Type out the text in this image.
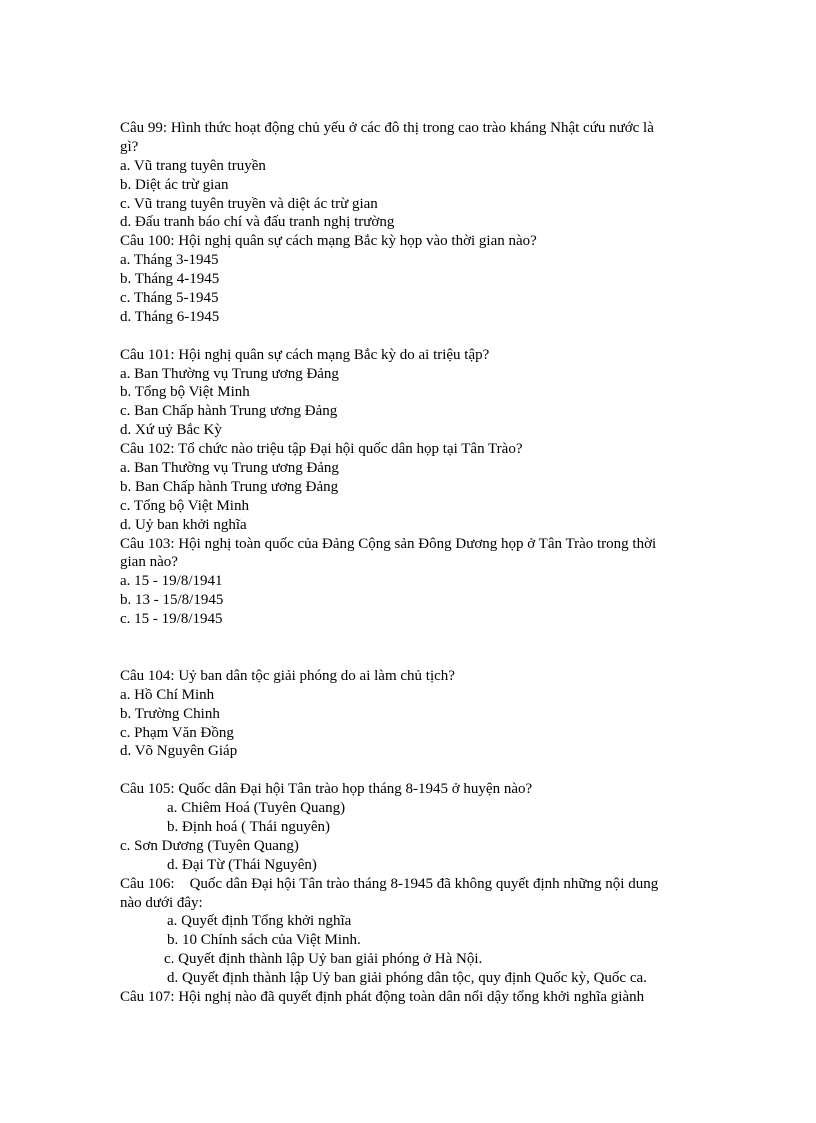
Câu 99: Hình thức hoạt động chủ yếu ở các đô thị trong cao trào kháng Nhật cứu nước là
gì?
a. Vũ trang tuyên truyền
b. Diệt ác trừ gian
c. Vũ trang tuyên truyền và diệt ác trừ gian
d. Đấu tranh báo chí và đấu tranh nghị trường
Câu 100: Hội nghị quân sự cách mạng Bắc kỳ họp vào thời gian nào?
a. Tháng 3-1945
b. Tháng 4-1945
c. Tháng 5-1945
d. Tháng 6-1945
Câu 101: Hội nghị quân sự cách mạng Bắc kỳ do ai triệu tập?
a. Ban Thường vụ Trung ương Đảng
b. Tổng bộ Việt Minh
c. Ban Chấp hành Trung ương Đảng
d. Xứ uỷ Bắc Kỳ
Câu 102: Tổ chức nào triệu tập Đại hội quốc dân họp tại Tân Trào?
a. Ban Thường vụ Trung ương Đảng
b. Ban Chấp hành Trung ương Đảng
c. Tổng bộ Việt Minh
d. Uỷ ban khởi nghĩa
Câu 103: Hội nghị toàn quốc của Đảng Cộng sản Đông Dương họp ở Tân Trào trong thời
gian nào?
a. 15 - 19/8/1941
b. 13 - 15/8/1945
c. 15 - 19/8/1945
Câu 104: Uỷ ban dân tộc giải phóng do ai làm chủ tịch?
a. Hồ Chí Minh
b. Trường Chinh
c. Phạm Văn Đồng
d. Võ Nguyên Giáp
Câu 105: Quốc dân Đại hội Tân trào họp tháng 8-1945 ở huyện nào?
a. Chiêm Hoá (Tuyên Quang)
b. Định hoá ( Thái nguyên)
c. Sơn Dương (Tuyên Quang)
d. Đại Từ (Thái Nguyên)
Câu 106:    Quốc dân Đại hội Tân trào tháng 8-1945 đã không quyết định những nội dung
nào dưới đây:
a. Quyết định Tổng khởi nghĩa
b. 10 Chính sách của Việt Minh.
c. Quyết định thành lập Uỷ ban giải phóng ở Hà Nội.
d. Quyết định thành lập Uỷ ban giải phóng dân tộc, quy định Quốc kỳ, Quốc ca.
Câu 107: Hội nghị nào đã quyết định phát động toàn dân nổi dậy tổng khởi nghĩa giành
